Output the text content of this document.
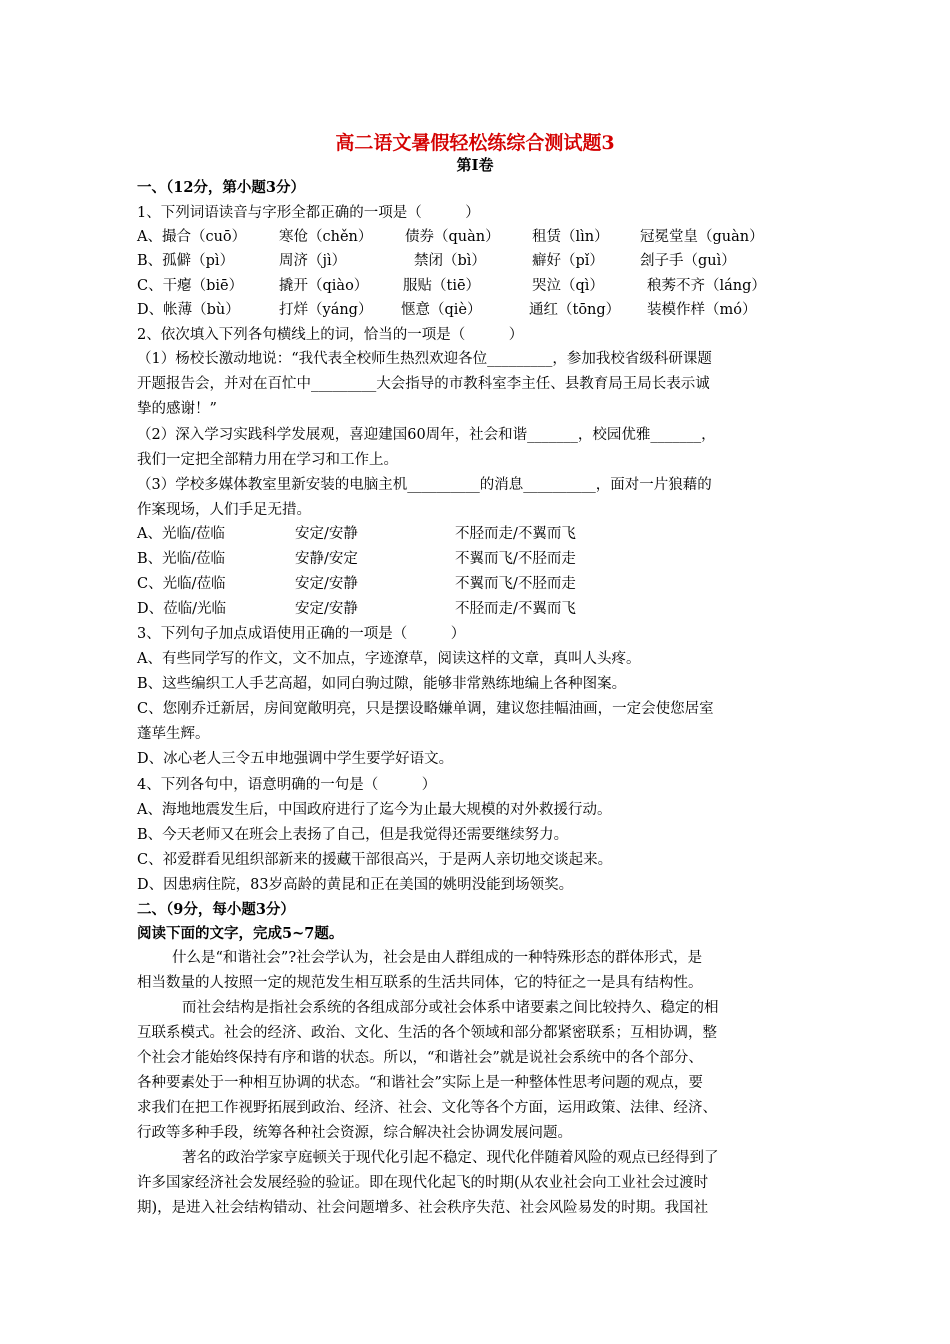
高二语文暑假轻松练综合测试题3
第Ⅰ卷
一、（12分，第小题3分）
1、下列词语读音与字形全都正确的一项是（　　　）
A、撮合（cuō）	寒伧（chěn）	债券（quàn）	租赁（lìn）	冠冕堂皇（guàn）
B、孤僻（pì）	周济（jì）	禁闭（bì）	癖好（pǐ）	刽子手（guì）
C、干瘪（biē）	撬开（qiào）	服贴（tiē）	哭泣（qì）	稂莠不齐（láng）
D、帐薄（bù）	打烊（yáng）	惬意（qiè）	通红（tōng）	装模作样（mó）
2、依次填入下列各句横线上的词，恰当的一项是（　　　）
（1）杨校长激动地说：“我代表全校师生热烈欢迎各位_________，参加我校省级科研课题
开题报告会，并对在百忙中_________大会指导的市教科室李主任、县教育局王局长表示诚
挚的感谢！”
（2）深入学习实践科学发展观，喜迎建国60周年，社会和谐_______，校园优雅_______，
我们一定把全部精力用在学习和工作上。
（3）学校多媒体教室里新安装的电脑主机__________的消息__________，面对一片狼藉的
作案现场，人们手足无措。
A、光临/莅临	安定/安静	不胫而走/不翼而飞
B、光临/莅临	安静/安定	不翼而飞/不胫而走
C、光临/莅临	安定/安静	不翼而飞/不胫而走
D、莅临/光临	安定/安静	不胫而走/不翼而飞
3、下列句子加点成语使用正确的一项是（　　　）
A、有些同学写的作文，文不加点，字迹潦草，阅读这样的文章，真叫人头疼。
B、这些编织工人手艺高超，如同白驹过隙，能够非常熟练地编上各种图案。
C、您刚乔迁新居，房间宽敞明亮，只是摆设略嫌单调，建议您挂幅油画，一定会使您居室
蓬荜生辉。
D、冰心老人三令五申地强调中学生要学好语文。
4、下列各句中，语意明确的一句是（　　　）
A、海地地震发生后，中国政府进行了迄今为止最大规模的对外救援行动。
B、今天老师又在班会上表扬了自己，但是我觉得还需要继续努力。
C、祁爱群看见组织部新来的援藏干部很高兴，于是两人亲切地交谈起来。
D、因患病住院，83岁高龄的黄昆和正在美国的姚明没能到场领奖。
二、（9分，每小题3分）
阅读下面的文字，完成5~7题。
什么是“和谐社会”?社会学认为，社会是由人群组成的一种特殊形态的群体形式，是
相当数量的人按照一定的规范发生相互联系的生活共同体，它的特征之一是具有结构性。
而社会结构是指社会系统的各组成部分或社会体系中诸要素之间比较持久、稳定的相
互联系模式。社会的经济、政治、文化、生活的各个领域和部分都紧密联系；互相协调，整
个社会才能始终保持有序和谐的状态。所以，“和谐社会”就是说社会系统中的各个部分、
各种要素处于一种相互协调的状态。“和谐社会”实际上是一种整体性思考问题的观点，要
求我们在把工作视野拓展到政治、经济、社会、文化等各个方面，运用政策、法律、经济、
行政等多种手段，统筹各种社会资源，综合解决社会协调发展问题。
著名的政治学家亨庭顿关于现代化引起不稳定、现代化伴随着风险的观点已经得到了
许多国家经济社会发展经验的验证。即在现代化起飞的时期(从农业社会向工业社会过渡时
期)，是进入社会结构错动、社会问题增多、社会秩序失范、社会风险易发的时期。我国社
